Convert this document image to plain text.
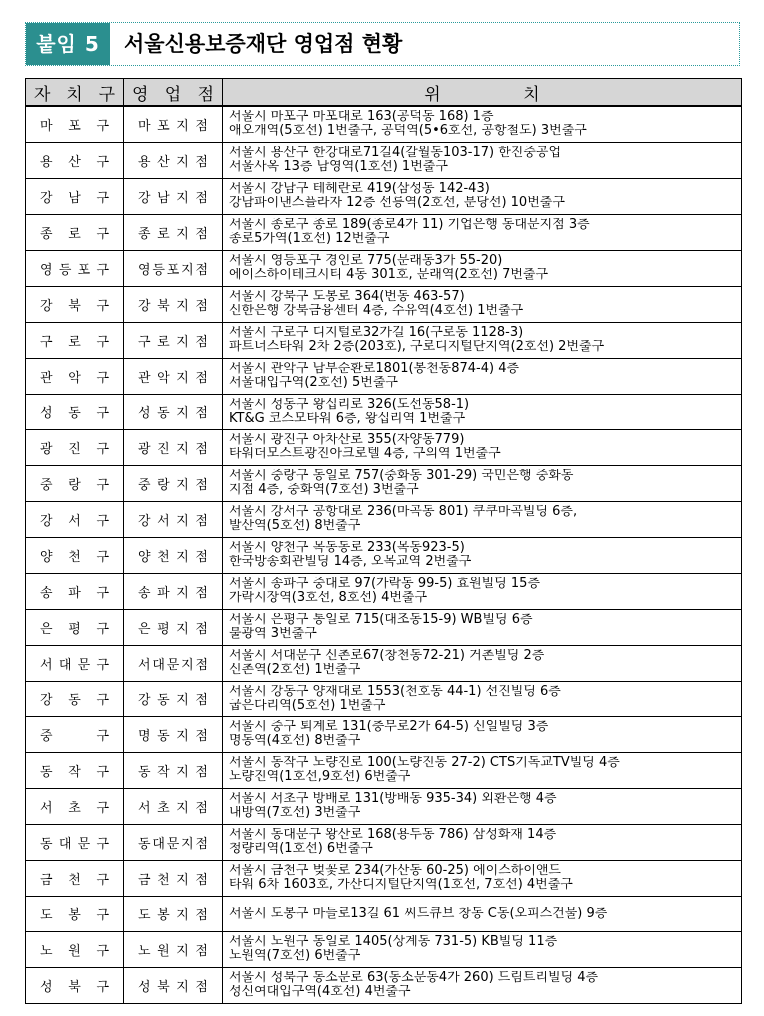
붙임 5	서울신용보증재단 영업점 현황
자 치 구	영 업 점	위 치

마 포 구	마 포 지 점	서울시 마포구 마포대로 163(공덕동 168) 1층
애오개역(5호선) 1번출구, 공덕역(5•6호선, 공항철도) 3번출구

용 산 구	용 산 지 점	서울시 용산구 한강대로71길4(갈월동103-17) 한진중공업
서울사옥 13층 남영역(1호선) 1번출구

강 남 구	강 남 지 점	서울시 강남구 테헤란로 419(삼성동 142-43)
강남파이낸스플라자 12층 선릉역(2호선, 분당선) 10번출구

종 로 구	종 로 지 점	서울시 종로구 종로 189(종로4가 11) 기업은행 동대문지점 3층
종로5가역(1호선) 12번출구

영 등 포 구	영 등 포 지 점	서울시 영등포구 경인로 775(문래동3가 55-20)
에이스하이테크시티 4동 301호, 문래역(2호선) 7번출구

강 북 구	강 북 지 점	서울시 강북구 도봉로 364(번동 463-57)
신한은행 강북금융센터 4층, 수유역(4호선) 1번출구

구 로 구	구 로 지 점	서울시 구로구 디지털로32가길 16(구로동 1128-3)
파트너스타워 2차 2층(203호), 구로디지털단지역(2호선) 2번출구

관 악 구	관 악 지 점	서울시 관악구 남부순환로1801(봉천동874-4) 4층
서울대입구역(2호선) 5번출구

성 동 구	성 동 지 점	서울시 성동구 왕십리로 326(도선동58-1)
KT&G 코스모타워 6층, 왕십리역 1번출구

광 진 구	광 진 지 점	서울시 광진구 아차산로 355(자양동779)
타워더모스트광진아크로텔 4층, 구의역 1번출구

중 랑 구	중 랑 지 점	서울시 중랑구 동일로 757(중화동 301-29) 국민은행 중화동
지점 4층, 중화역(7호선) 3번출구

강 서 구	강 서 지 점	서울시 강서구 공항대로 236(마곡동 801) 쿠쿠마곡빌딩 6층,
발산역(5호선) 8번출구

양 천 구	양 천 지 점	서울시 양천구 목동동로 233(목동923-5)
한국방송회관빌딩 14층, 오목교역 2번출구

송 파 구	송 파 지 점	서울시 송파구 중대로 97(가락동 99-5) 효원빌딩 15층
가락시장역(3호선, 8호선) 4번출구

은 평 구	은 평 지 점	서울시 은평구 통일로 715(대조동15-9) WB빌딩 6층
불광역 3번출구

서 대 문 구	서 대 문 지 점	서울시 서대문구 신촌로67(창천동72-21) 거촌빌딩 2층
신촌역(2호선) 1번출구

강 동 구	강 동 지 점	서울시 강동구 양재대로 1553(천호동 44-1) 선진빌딩 6층
굽은다리역(5호선) 1번출구

중 구	명 동 지 점	서울시 중구 퇴계로 131(충무로2가 64-5) 신일빌딩 3층
명동역(4호선) 8번출구

동 작 구	동 작 지 점	서울시 동작구 노량진로 100(노량진동 27-2) CTS기독교TV빌딩 4층
노량진역(1호선,9호선) 6번출구

서 초 구	서 초 지 점	서울시 서초구 방배로 131(방배동 935-34) 외환은행 4층
내방역(7호선) 3번출구

동 대 문 구	동 대 문 지 점	서울시 동대문구 왕산로 168(용두동 786) 삼성화재 14층
청량리역(1호선) 6번출구

금 천 구	금 천 지 점	서울시 금천구 벚꽃로 234(가산동 60-25) 에이스하이앤드
타워 6차 1603호, 가산디지털단지역(1호선, 7호선) 4번출구

도 봉 구	도 봉 지 점	서울시 도봉구 마들로13길 61 씨드큐브 창동 C동(오피스건물) 9층

노 원 구	노 원 지 점	서울시 노원구 동일로 1405(상계동 731-5) KB빌딩 11층
노원역(7호선) 6번출구

성 북 구	성 북 지 점	서울시 성북구 동소문로 63(동소문동4가 260) 드림트리빌딩 4층
성신여대입구역(4호선) 4번출구
